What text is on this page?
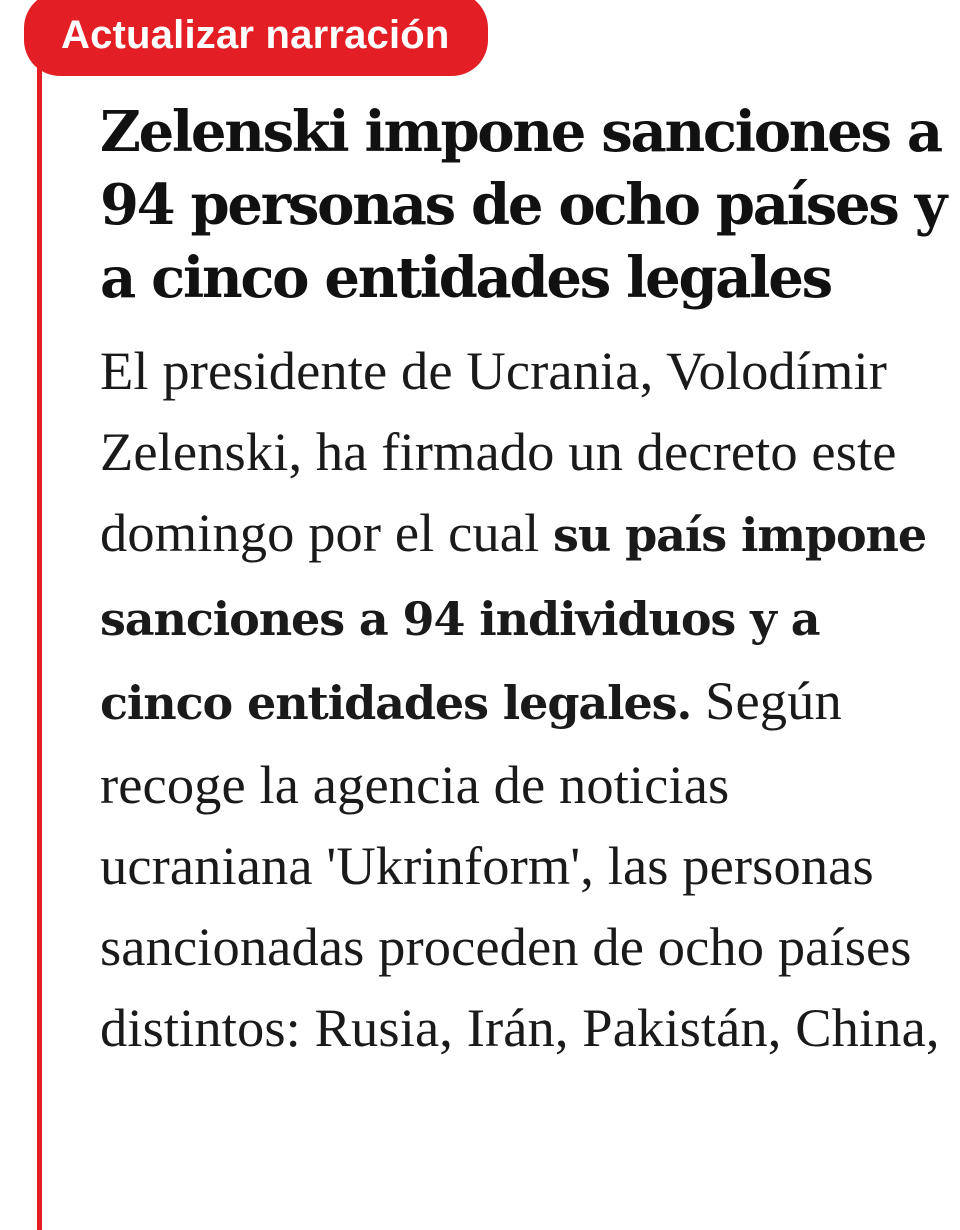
Actualizar narración
Zelenski impone sanciones a 94 personas de ocho países y a cinco entidades legales

El presidente de Ucrania, Volodímir Zelenski, ha firmado un decreto este domingo por el cual su país impone sanciones a 94 individuos y a cinco entidades legales. Según recoge la agencia de noticias ucraniana 'Ukrinform', las personas sancionadas proceden de ocho países distintos: Rusia, Irán, Pakistán, China,
